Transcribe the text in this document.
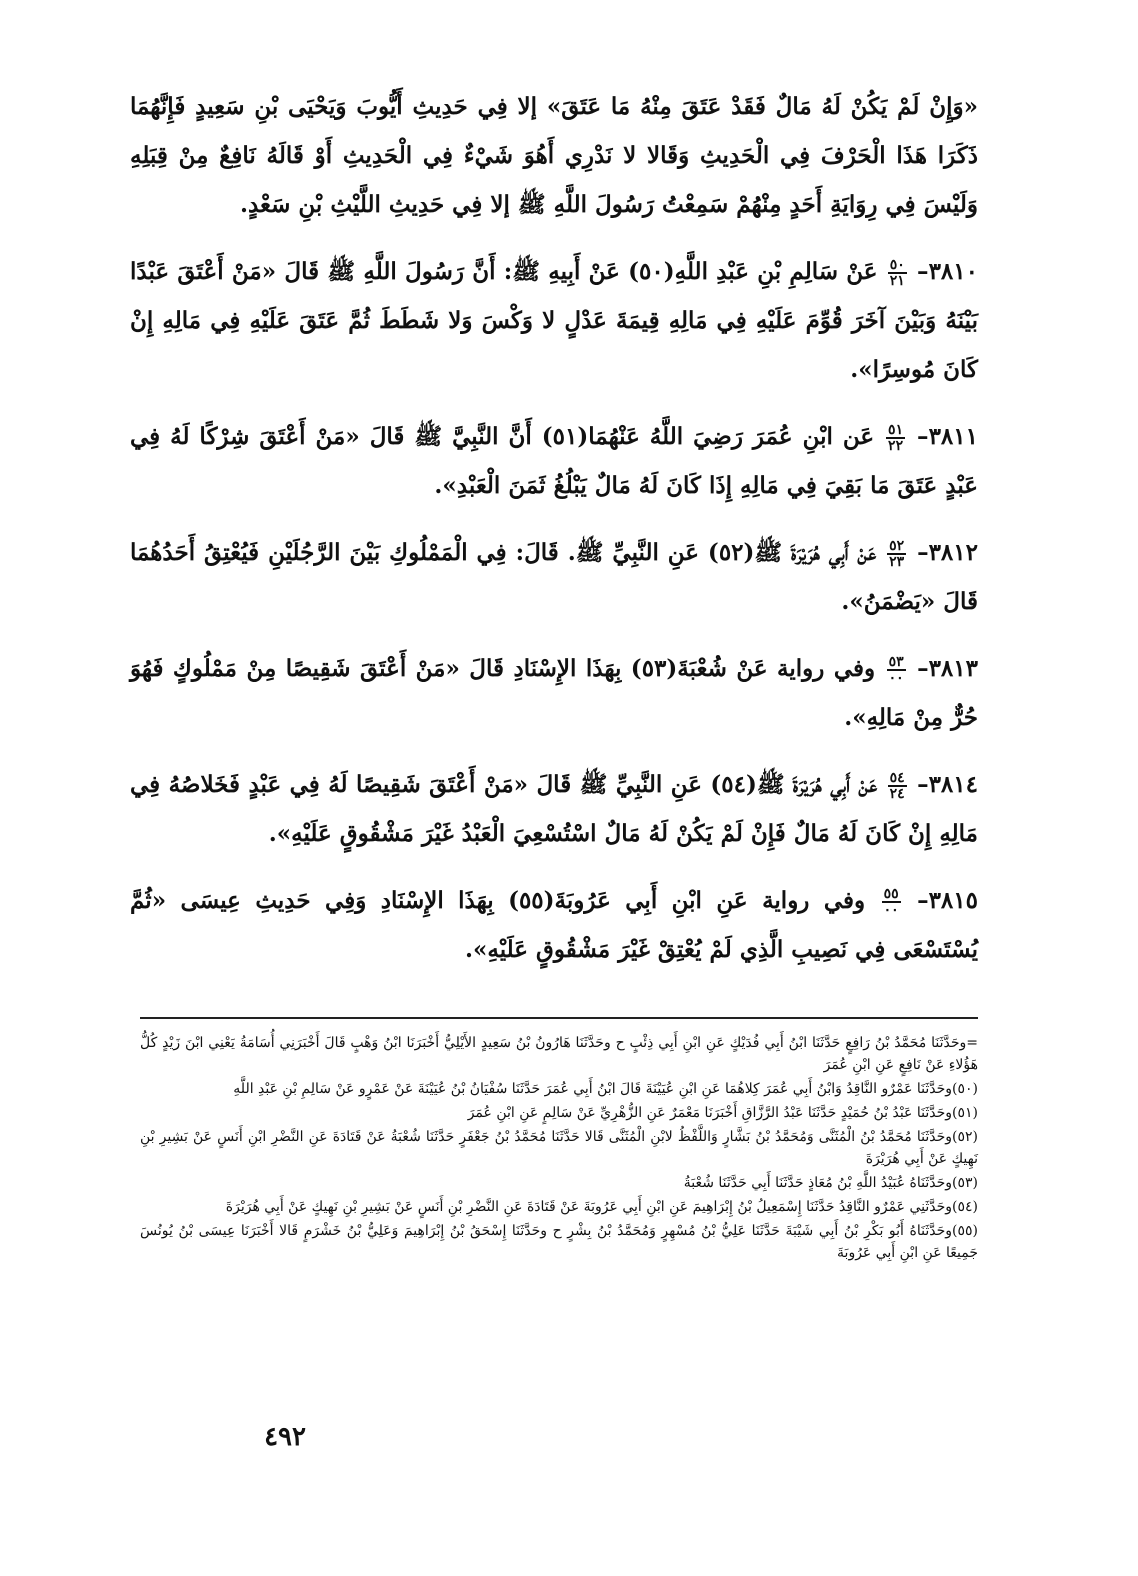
«وَإِنْ لَمْ يَكُنْ لَهُ مَالٌ فَقَدْ عَتَقَ مِنْهُ مَا عَتَقَ» إلا فِي حَدِيثِ أَيُّوبَ وَيَحْيَى بْنِ سَعِيدٍ فَإِنَّهُمَا ذَكَرَا هَذَا الْحَرْفَ فِي الْحَدِيثِ وَقَالا لا نَدْرِي أَهُوَ شَيْءٌ فِي الْحَدِيثِ أَوْ قَالَهُ نَافِعٌ مِنْ قِبَلِهِ وَلَيْسَ فِي رِوَايَةِ أَحَدٍ مِنْهُمْ سَمِعْتُ رَسُولَ اللَّهِ ﷺ إلا فِي حَدِيثِ اللَّيْثِ بْنِ سَعْدٍ.

٣٨١٠–
$\frac{٥٠}{٢١}$
عَنْ سَالِمِ بْنِ عَبْدِ اللَّهِ(٥٠) عَنْ أَبِيهِ ﷺ: أَنَّ رَسُولَ اللَّهِ ﷺ قَالَ «مَنْ أَعْتَقَ عَبْدًا بَيْنَهُ وَبَيْنَ آخَرَ قُوِّمَ عَلَيْهِ فِي مَالِهِ قِيمَةَ عَدْلٍ لا وَكْسَ وَلا شَطَطَ ثُمَّ عَتَقَ عَلَيْهِ فِي مَالِهِ إِنْ كَانَ مُوسِرًا».

٣٨١١–
$\frac{٥١}{٢٢}$
عَن ابْنِ عُمَرَ رَضِيَ اللَّهُ عَنْهُمَا(٥١) أَنَّ النَّبِيَّ ﷺ قَالَ «مَنْ أَعْتَقَ شِرْكًا لَهُ فِي عَبْدٍ عَتَقَ مَا بَقِيَ فِي مَالِهِ إِذَا كَانَ لَهُ مَالٌ يَبْلُغُ ثَمَنَ الْعَبْدِ».

٣٨١٢–
$\frac{٥٢}{٢٣}$
عَنْ أَبِي هُرَيْرَةَ ﷺ(٥٢) عَنِ النَّبِيِّ ﷺ. قَالَ: فِي الْمَمْلُوكِ بَيْنَ الرَّجُلَيْنِ فَيُعْتِقُ أَحَدُهُمَا قَالَ «يَضْمَنُ».

٣٨١٣–
$\frac{٥٣}{٠٠}$
وفي رواية عَنْ شُعْبَةَ(٥٣) بِهَذَا الإِسْنَادِ قَالَ «مَنْ أَعْتَقَ شَقِيصًا مِنْ مَمْلُوكٍ فَهُوَ حُرٌّ مِنْ مَالِهِ».

٣٨١٤–
$\frac{٥٤}{٢٤}$
عَنْ أَبِي هُرَيْرَةَ ﷺ(٥٤) عَنِ النَّبِيِّ ﷺ قَالَ «مَنْ أَعْتَقَ شَقِيصًا لَهُ فِي عَبْدٍ فَخَلاصُهُ فِي مَالِهِ إِنْ كَانَ لَهُ مَالٌ فَإِنْ لَمْ يَكُنْ لَهُ مَالٌ اسْتُسْعِيَ الْعَبْدُ غَيْرَ مَشْقُوقٍ عَلَيْهِ».

٣٨١٥–
$\frac{٥٥}{٠٠}$
وفي رواية عَنِ ابْنِ أَبِي عَرُوبَةَ(٥٥) بِهَذَا الإِسْنَادِ وَفِي حَدِيثِ عِيسَى «ثُمَّ يُسْتَسْعَى فِي نَصِيبِ الَّذِي لَمْ يُعْتِقْ غَيْرَ مَشْقُوقٍ عَلَيْهِ».

=وحَدَّثَنَا مُحَمَّدُ بْنُ رَافِعٍ حَدَّثَنَا ابْنُ أَبِي فُدَيْكٍ عَنِ ابْنِ أَبِي ذِئْبٍ ح وحَدَّثَنَا هَارُونُ بْنُ سَعِيدٍ الأَيْلِيُّ أَخْبَرَنَا ابْنُ وَهْبٍ قَالَ أَخْبَرَنِي أُسَامَةُ يَعْنِي ابْنَ زَيْدٍ كُلُّ هَؤُلاءِ عَنْ نَافِعٍ عَنِ ابْنِ عُمَرَ

(٥٠)وحَدَّثَنَا عَمْرٌو النَّاقِدُ وَابْنُ أَبِي عُمَرَ كِلاهُمَا عَنِ ابْنِ عُيَيْنَةَ قَالَ ابْنُ أَبِي عُمَرَ حَدَّثَنَا سُفْيَانُ بْنُ عُيَيْنَةَ عَنْ عَمْرٍو عَنْ سَالِمِ بْنِ عَبْدِ اللَّهِ

(٥١)وحَدَّثَنَا عَبْدُ بْنُ حُمَيْدٍ حَدَّثَنَا عَبْدُ الرَّزَّاقِ أَخْبَرَنَا مَعْمَرٌ عَنِ الزُّهْرِيِّ عَنْ سَالِمٍ عَنِ ابْنِ عُمَرَ

(٥٢)وحَدَّثَنَا مُحَمَّدُ بْنُ الْمُثَنَّى وَمُحَمَّدُ بْنُ بَشَّارٍ وَاللَّفْظُ لابْنِ الْمُثَنَّى قَالا حَدَّثَنَا مُحَمَّدُ بْنُ جَعْفَرٍ حَدَّثَنَا شُعْبَةُ عَنْ قَتَادَةَ عَنِ النَّضْرِ ابْنِ أَنَسٍ عَنْ بَشِيرِ بْنِ نَهِيكٍ عَنْ أَبِي هُرَيْرَةَ

(٥٣)وحَدَّثَنَاهُ عُبَيْدُ اللَّهِ بْنُ مُعَاذٍ حَدَّثَنَا أَبِي حَدَّثَنَا شُعْبَةُ

(٥٤)وحَدَّثَنِي عَمْرٌو النَّاقِدُ حَدَّثَنَا إِسْمَعِيلُ بْنُ إِبْرَاهِيمَ عَنِ ابْنِ أَبِي عَرُوبَةَ عَنْ قَتَادَةَ عَنِ النَّضْرِ بْنِ أَنَسٍ عَنْ بَشِيرِ بْنِ نَهِيكٍ عَنْ أَبِي هُرَيْرَةَ

(٥٥)وحَدَّثَنَاهُ أَبُو بَكْرِ بْنُ أَبِي شَيْبَةَ حَدَّثَنَا عَلِيُّ بْنُ مُسْهِرٍ وَمُحَمَّدُ بْنُ بِشْرٍ ح وحَدَّثَنَا إِسْحَقُ بْنُ إِبْرَاهِيمَ وَعَلِيُّ بْنُ خَشْرَمٍ قَالا أَخْبَرَنَا عِيسَى بْنُ يُونُسَ جَمِيعًا عَنِ ابْنِ أَبِي عَرُوبَةَ

٤٩٢
